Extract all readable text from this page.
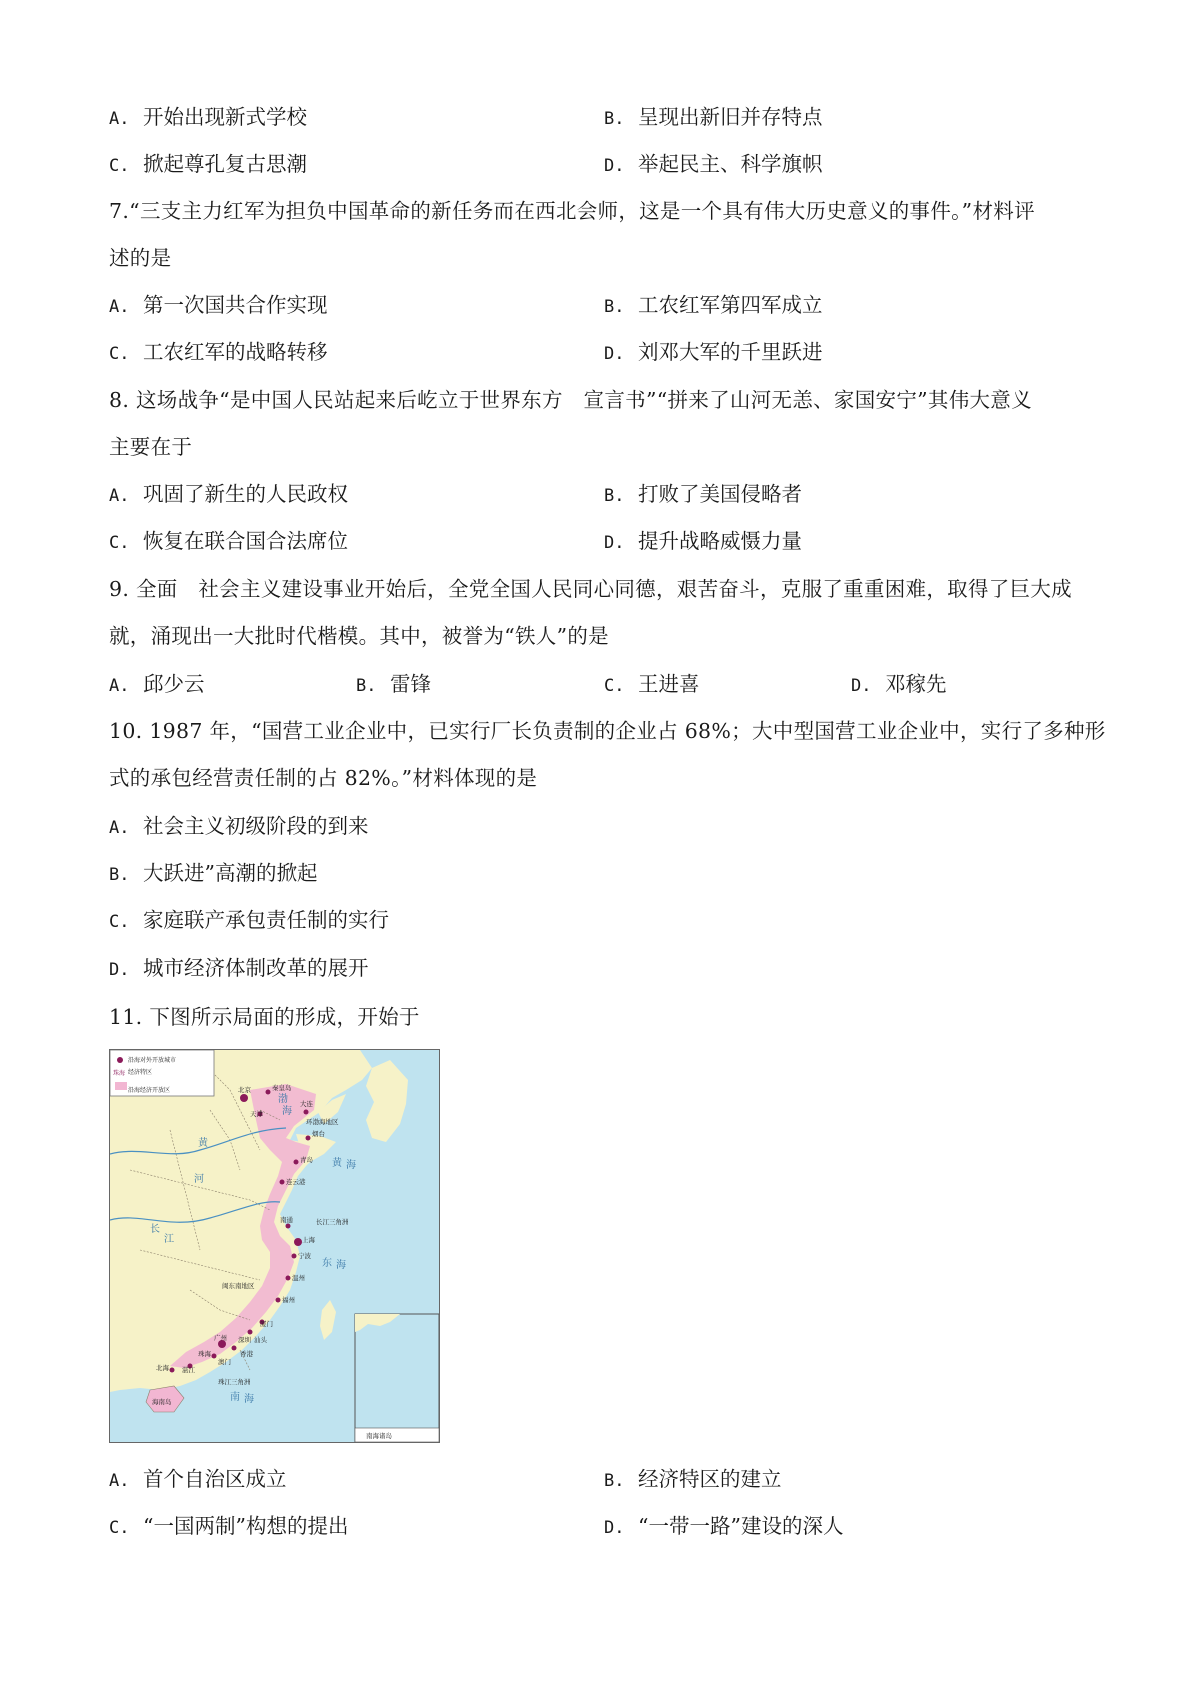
A. 开始出现新式学校	B. 呈现出新旧并存特点
C. 掀起尊孔复古思潮	D. 举起民主、科学旗帜
7.“三支主力红军为担负中国革命的新任务而在西北会师，这是一个具有伟大历史意义的事件。”材料评
述的是
A. 第一次国共合作实现	B. 工农红军第四军成立
C. 工农红军的战略转移	D. 刘邓大军的千里跃进
8. 这场战争“是中国人民站起来后屹立于世界东方　宣言书”“拼来了山河无恙、家国安宁”其伟大意义
主要在于
A. 巩固了新生的人民政权	B. 打败了美国侵略者
C. 恢复在联合国合法席位	D. 提升战略威慑力量
9. 全面　社会主义建设事业开始后，全党全国人民同心同德，艰苦奋斗，克服了重重困难，取得了巨大成
就，涌现出一大批时代楷模。其中，被誉为“铁人”的是
A. 邱少云	B. 雷锋	C. 王进喜	D. 邓稼先
10. 1987 年，“国营工业企业中，已实行厂长负责制的企业占 68%；大中型国营工业企业中，实行了多种形
式的承包经营责任制的占 82%。”材料体现的是
A. 社会主义初级阶段的到来
B. 大跃进”高潮的掀起
C. 家庭联产承包责任制的实行
D. 城市经济体制改革的展开
11. 下图所示局面的形成，开始于
北京
天津
秦皇岛
大连
环渤海地区
烟台
青岛
连云港
南通	长江三角洲
上海
宁波
温州
福州
闽东南地区
厦门
汕头
广州 深圳
珠海
澳门
香港
湛江
北海
海南岛
珠江三角洲
南海诸岛
渤
海
黄 海
东 海
南 海
黄
河
长
江
沿海对外开放城市
经济特区
沿海经济开放区
珠海
A. 首个自治区成立	B. 经济特区的建立
C. “一国两制”构想的提出	D. “一带一路”建设的深人
